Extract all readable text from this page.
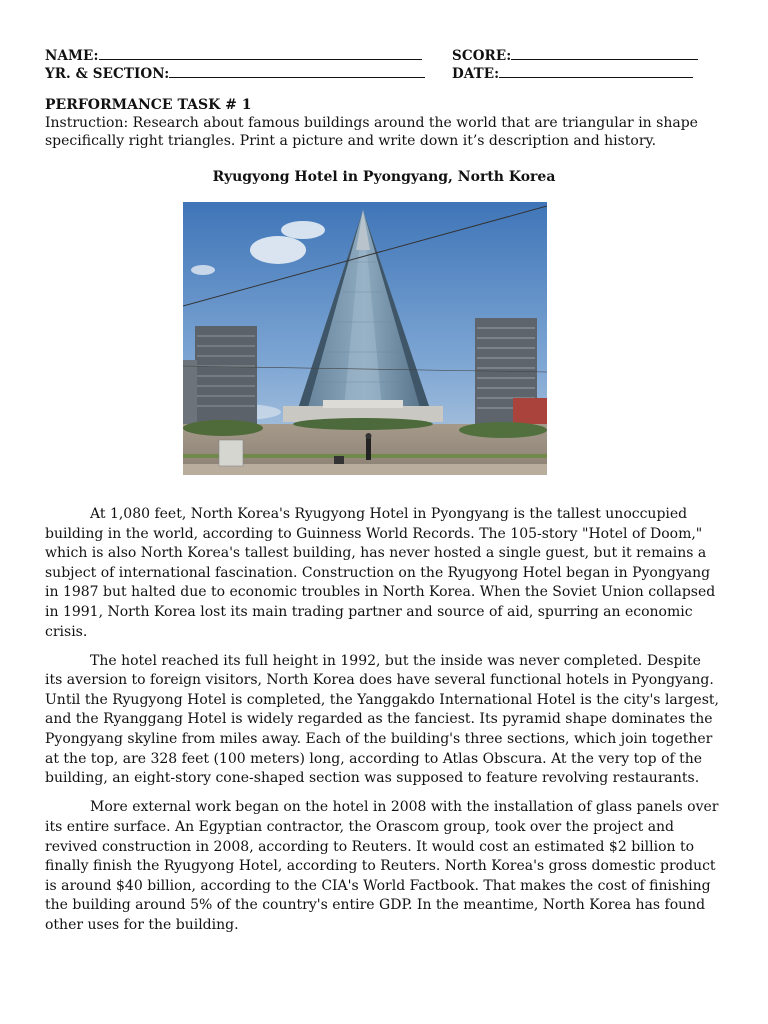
NAME:
YR. & SECTION:
SCORE:
DATE:
PERFORMANCE TASK # 1
Instruction: Research about famous buildings around the world that are triangular in shape specifically right triangles. Print a picture and write down it’s description and history.
Ryugyong Hotel in Pyongyang, North Korea

At 1,080 feet, North Korea's Ryugyong Hotel in Pyongyang is the tallest unoccupied building in the world, according to Guinness World Records. The 105-story "Hotel of Doom," which is also North Korea's tallest building, has never hosted a single guest, but it remains a subject of international fascination. Construction on the Ryugyong Hotel began in Pyongyang in 1987 but halted due to economic troubles in North Korea. When the Soviet Union collapsed in 1991, North Korea lost its main trading partner and source of aid, spurring an economic crisis.

The hotel reached its full height in 1992, but the inside was never completed. Despite its aversion to foreign visitors, North Korea does have several functional hotels in Pyongyang. Until the Ryugyong Hotel is completed, the Yanggakdo International Hotel is the city's largest, and the Ryanggang Hotel is widely regarded as the fanciest. Its pyramid shape dominates the Pyongyang skyline from miles away. Each of the building's three sections, which join together at the top, are 328 feet (100 meters) long, according to Atlas Obscura. At the very top of the building, an eight-story cone-shaped section was supposed to feature revolving restaurants.

More external work began on the hotel in 2008 with the installation of glass panels over its entire surface. An Egyptian contractor, the Orascom group, took over the project and revived construction in 2008, according to Reuters. It would cost an estimated $2 billion to finally finish the Ryugyong Hotel, according to Reuters. North Korea's gross domestic product is around $40 billion, according to the CIA's World Factbook. That makes the cost of finishing the building around 5% of the country's entire GDP. In the meantime, North Korea has found other uses for the building.
